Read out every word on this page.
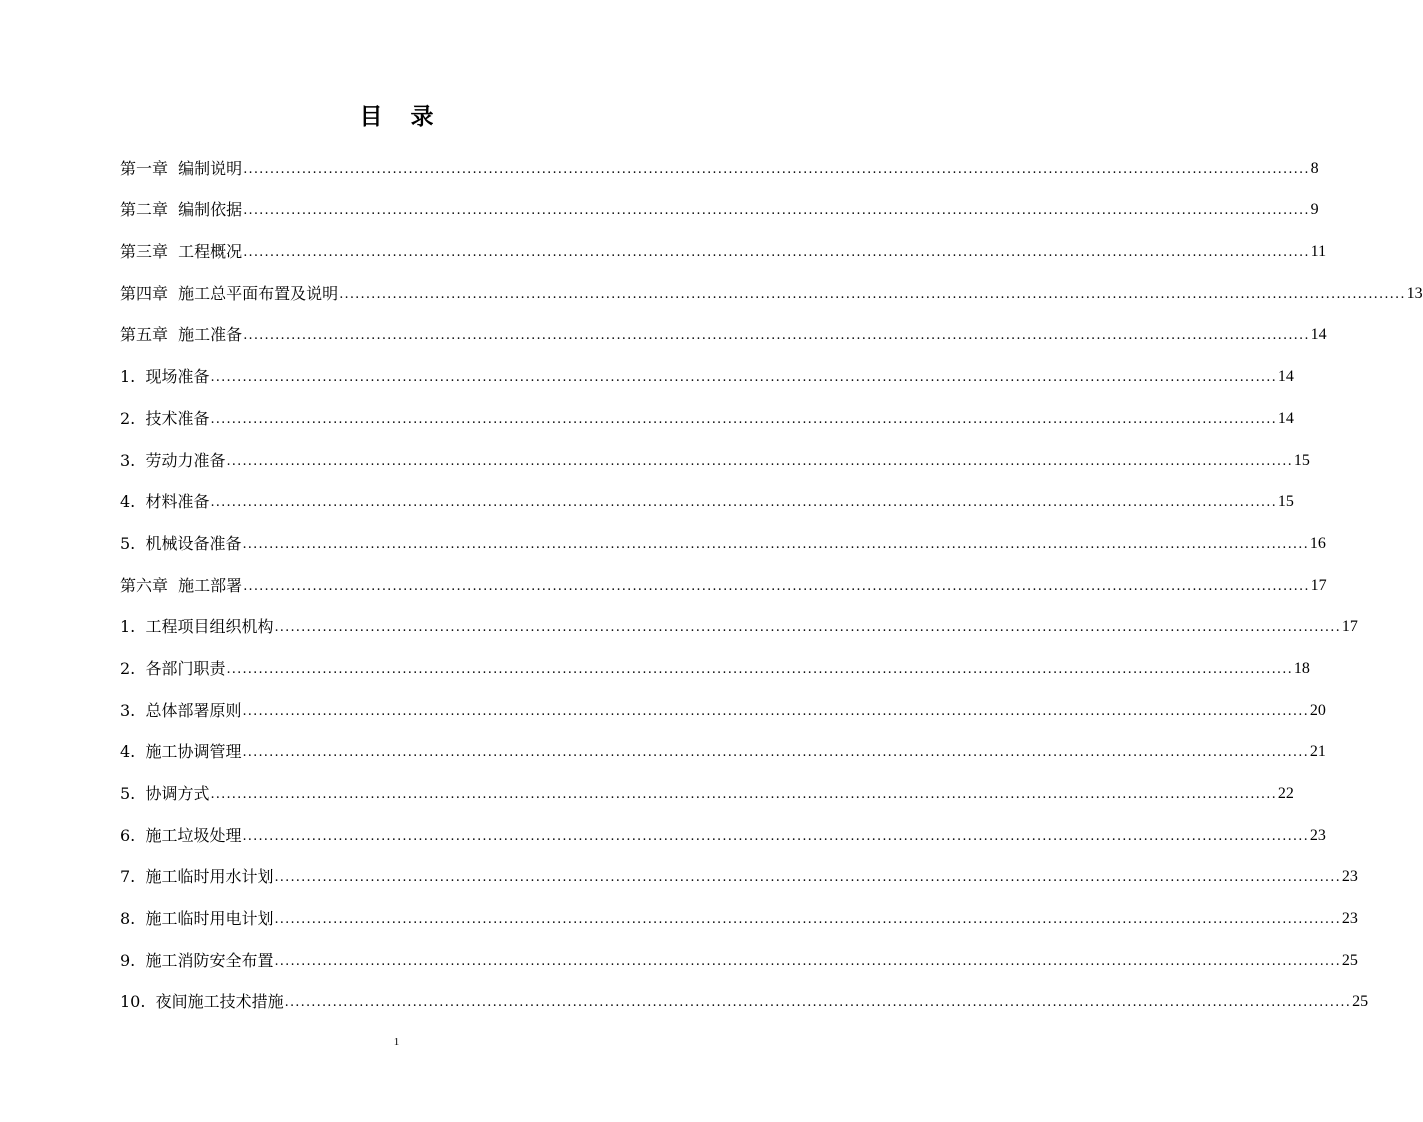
目 录
第一章  编制说明 ........................................................................................................................................................................................................ 8
第二章  编制依据 ........................................................................................................................................................................................................ 9
第三章  工程概况 ........................................................................................................................................................................................................ 11
第四章  施工总平面布置及说明 ........................................................................................................................................................................................................ 13
第五章  施工准备 ........................................................................................................................................................................................................ 14
1.  现场准备 ........................................................................................................................................................................................................ 14
2.  技术准备 ........................................................................................................................................................................................................ 14
3.  劳动力准备 ........................................................................................................................................................................................................ 15
4.  材料准备 ........................................................................................................................................................................................................ 15
5.  机械设备准备 ........................................................................................................................................................................................................ 16
第六章  施工部署 ........................................................................................................................................................................................................ 17
1.  工程项目组织机构 ........................................................................................................................................................................................................ 17
2.  各部门职责 ........................................................................................................................................................................................................ 18
3.  总体部署原则 ........................................................................................................................................................................................................ 20
4.  施工协调管理 ........................................................................................................................................................................................................ 21
5.  协调方式 ........................................................................................................................................................................................................ 22
6.  施工垃圾处理 ........................................................................................................................................................................................................ 23
7.  施工临时用水计划 ........................................................................................................................................................................................................ 23
8.  施工临时用电计划 ........................................................................................................................................................................................................ 23
9.  施工消防安全布置 ........................................................................................................................................................................................................ 25
10.  夜间施工技术措施 ........................................................................................................................................................................................................ 25
1
